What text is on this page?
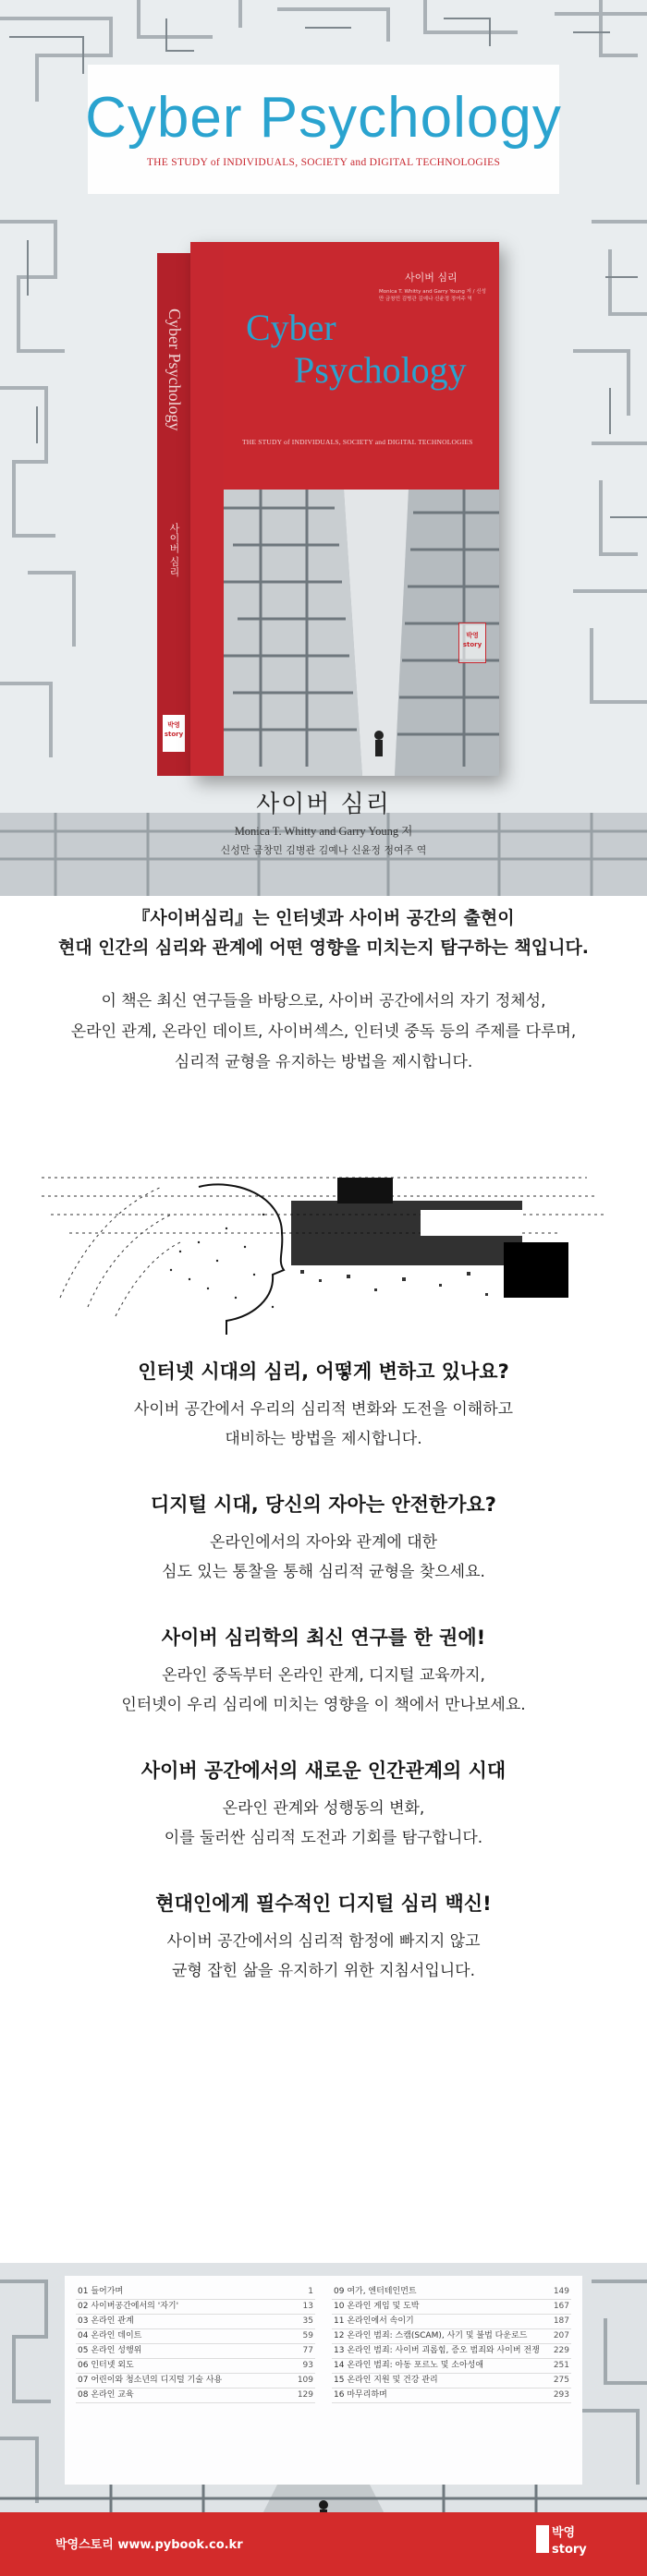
Cyber Psychology
THE STUDY of INDIVIDUALS, SOCIETY and DIGITAL TECHNOLOGIES
Cyber Psychology
사이버 심리
박영 story
사이버 심리
Monica T. Whitty and Garry Young 저 / 신성만 금창민 김병관 김예나 신윤정 정여주 역
Cyber
Psychology
THE STUDY of INDIVIDUALS, SOCIETY and DIGITAL TECHNOLOGIES
박영 story
사이버 심리
Monica T. Whitty and Garry Young 저
신성만 금창민 김병관 김예나 신윤정 정여주 역
『사이버심리』는 인터넷과 사이버 공간의 출현이
현대 인간의 심리와 관계에 어떤 영향을 미치는지 탐구하는 책입니다.
이 책은 최신 연구들을 바탕으로, 사이버 공간에서의 자기 정체성,
온라인 관계, 온라인 데이트, 사이버섹스, 인터넷 중독 등의 주제를 다루며,
심리적 균형을 유지하는 방법을 제시합니다.
인터넷 시대의 심리, 어떻게 변하고 있나요?

사이버 공간에서 우리의 심리적 변화와 도전을 이해하고

대비하는 방법을 제시합니다.

디지털 시대, 당신의 자아는 안전한가요?

온라인에서의 자아와 관계에 대한

심도 있는 통찰을 통해 심리적 균형을 찾으세요.

사이버 심리학의 최신 연구를 한 권에!

온라인 중독부터 온라인 관계, 디지털 교육까지,

인터넷이 우리 심리에 미치는 영향을 이 책에서 만나보세요.

사이버 공간에서의 새로운 인간관계의 시대

온라인 관계와 성행동의 변화,

이를 둘러싼 심리적 도전과 기회를 탐구합니다.

현대인에게 필수적인 디지털 심리 백신!

사이버 공간에서의 심리적 함정에 빠지지 않고

균형 잡힌 삶을 유지하기 위한 지침서입니다.

01 들어가며	1
02 사이버공간에서의 '자기'	13
03 온라인 관계	35
04 온라인 데이트	59
05 온라인 성행위	77
06 인터넷 외도	93
07 어린이와 청소년의 디지털 기술 사용	109
08 온라인 교육	129
09 여가, 엔터테인먼트	149
10 온라인 게임 및 도박	167
11 온라인에서 속이기	187
12 온라인 범죄: 스캠(SCAM), 사기 및 불법 다운로드	207
13 온라인 범죄: 사이버 괴롭힘, 증오 범죄와 사이버 전쟁 229
14 온라인 범죄: 아동 포르노 및 소아성애	251
15 온라인 지원 및 건강 관리	275
16 마무리하며	293
박영스토리 www.pybook.co.kr
박영
story
